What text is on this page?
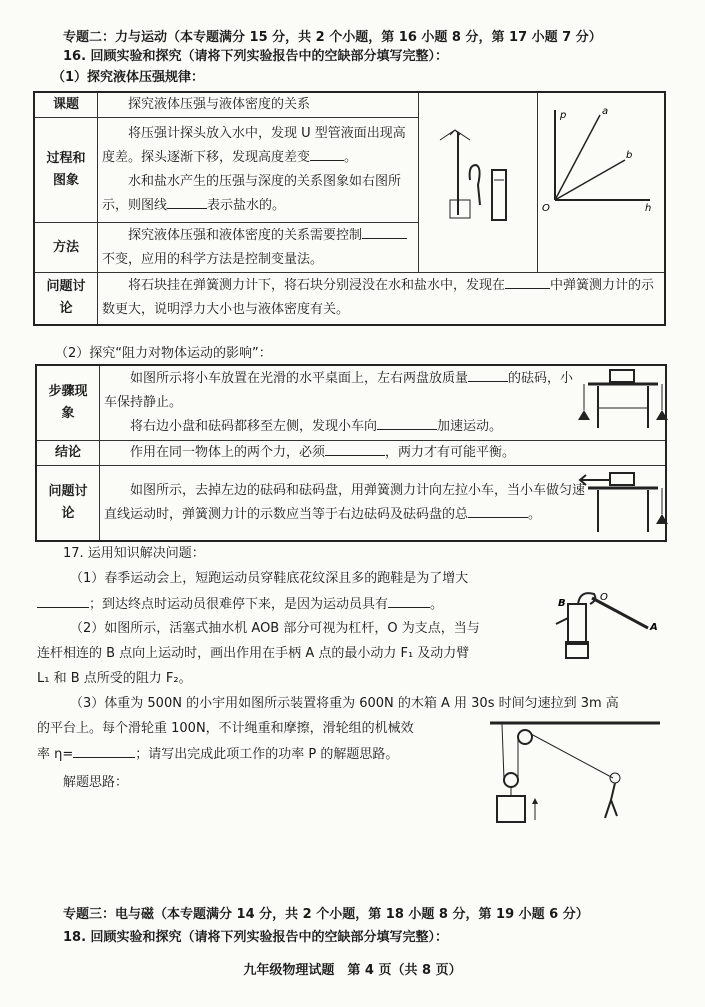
专题二：力与运动（本专题满分 15 分，共 2 个小题，第 16 小题 8 分，第 17 小题 7 分）
16. 回顾实验和探究（请将下列实验报告中的空缺部分填写完整）：
（1）探究液体压强规律：
课题	探究液体压强与液体密度的关系		
过程和图象	将压强计探头放入水中，发现 U 型管液面出现高度差。探头逐渐下移，发现高度差变 。
水和盐水产生的压强与深度的关系图象如右图所示，则图线 表示盐水的。		

方法	探究液体压强和液体密度的关系需要控制不变，应用的科学方法是控制变量法。		

问题讨论	将石块挂在弹簧测力计下，将石块分别浸没在水和盐水中，发现在 中弹簧测力计的示数更大，说明浮力大小也与液体密度有关。		
p	a
b
O	h
（2）探究“阻力对物体运动的影响”：
步骤现象	如图所示将小车放置在光滑的水平桌面上，左右两盘放质量 的砝码，小车保持静止。
将右边小盘和砝码都移至左侧，发现小车向 加速运动。

结论	作用在同一物体上的两个力，必须 ，两力才有可能平衡。
问题讨论	如图所示，去掉左边的砝码和砝码盘，用弹簧测力计向左拉小车，当小车做匀速直线运动时，弹簧测力计的示数应当等于右边砝码及砝码盘的总 。
17. 运用知识解决问题：
（1）春季运动会上，短跑运动员穿鞋底花纹深且多的跑鞋是为了增大
；到达终点时运动员很难停下来，是因为运动员具有	。
（2）如图所示，活塞式抽水机 AOB 部分可视为杠杆，O 为支点，当与
连杆相连的 B 点向上运动时，画出作用在手柄 A 点的最小动力 F₁ 及动力臂
L₁ 和 B 点所受的阻力 F₂。
B
O
A
（3）体重为 500N 的小宇用如图所示装置将重为 600N 的木箱 A 用 30s 时间匀速拉到 3m 高
的平台上。每个滑轮重 100N，不计绳重和摩擦，滑轮组的机械效
率 η=	；请写出完成此项工作的功率 P 的解题思路。
解题思路：
专题三：电与磁（本专题满分 14 分，共 2 个小题，第 18 小题 8 分，第 19 小题 6 分）
18. 回顾实验和探究（请将下列实验报告中的空缺部分填写完整）：
九年级物理试题　第 4 页（共 8 页）
